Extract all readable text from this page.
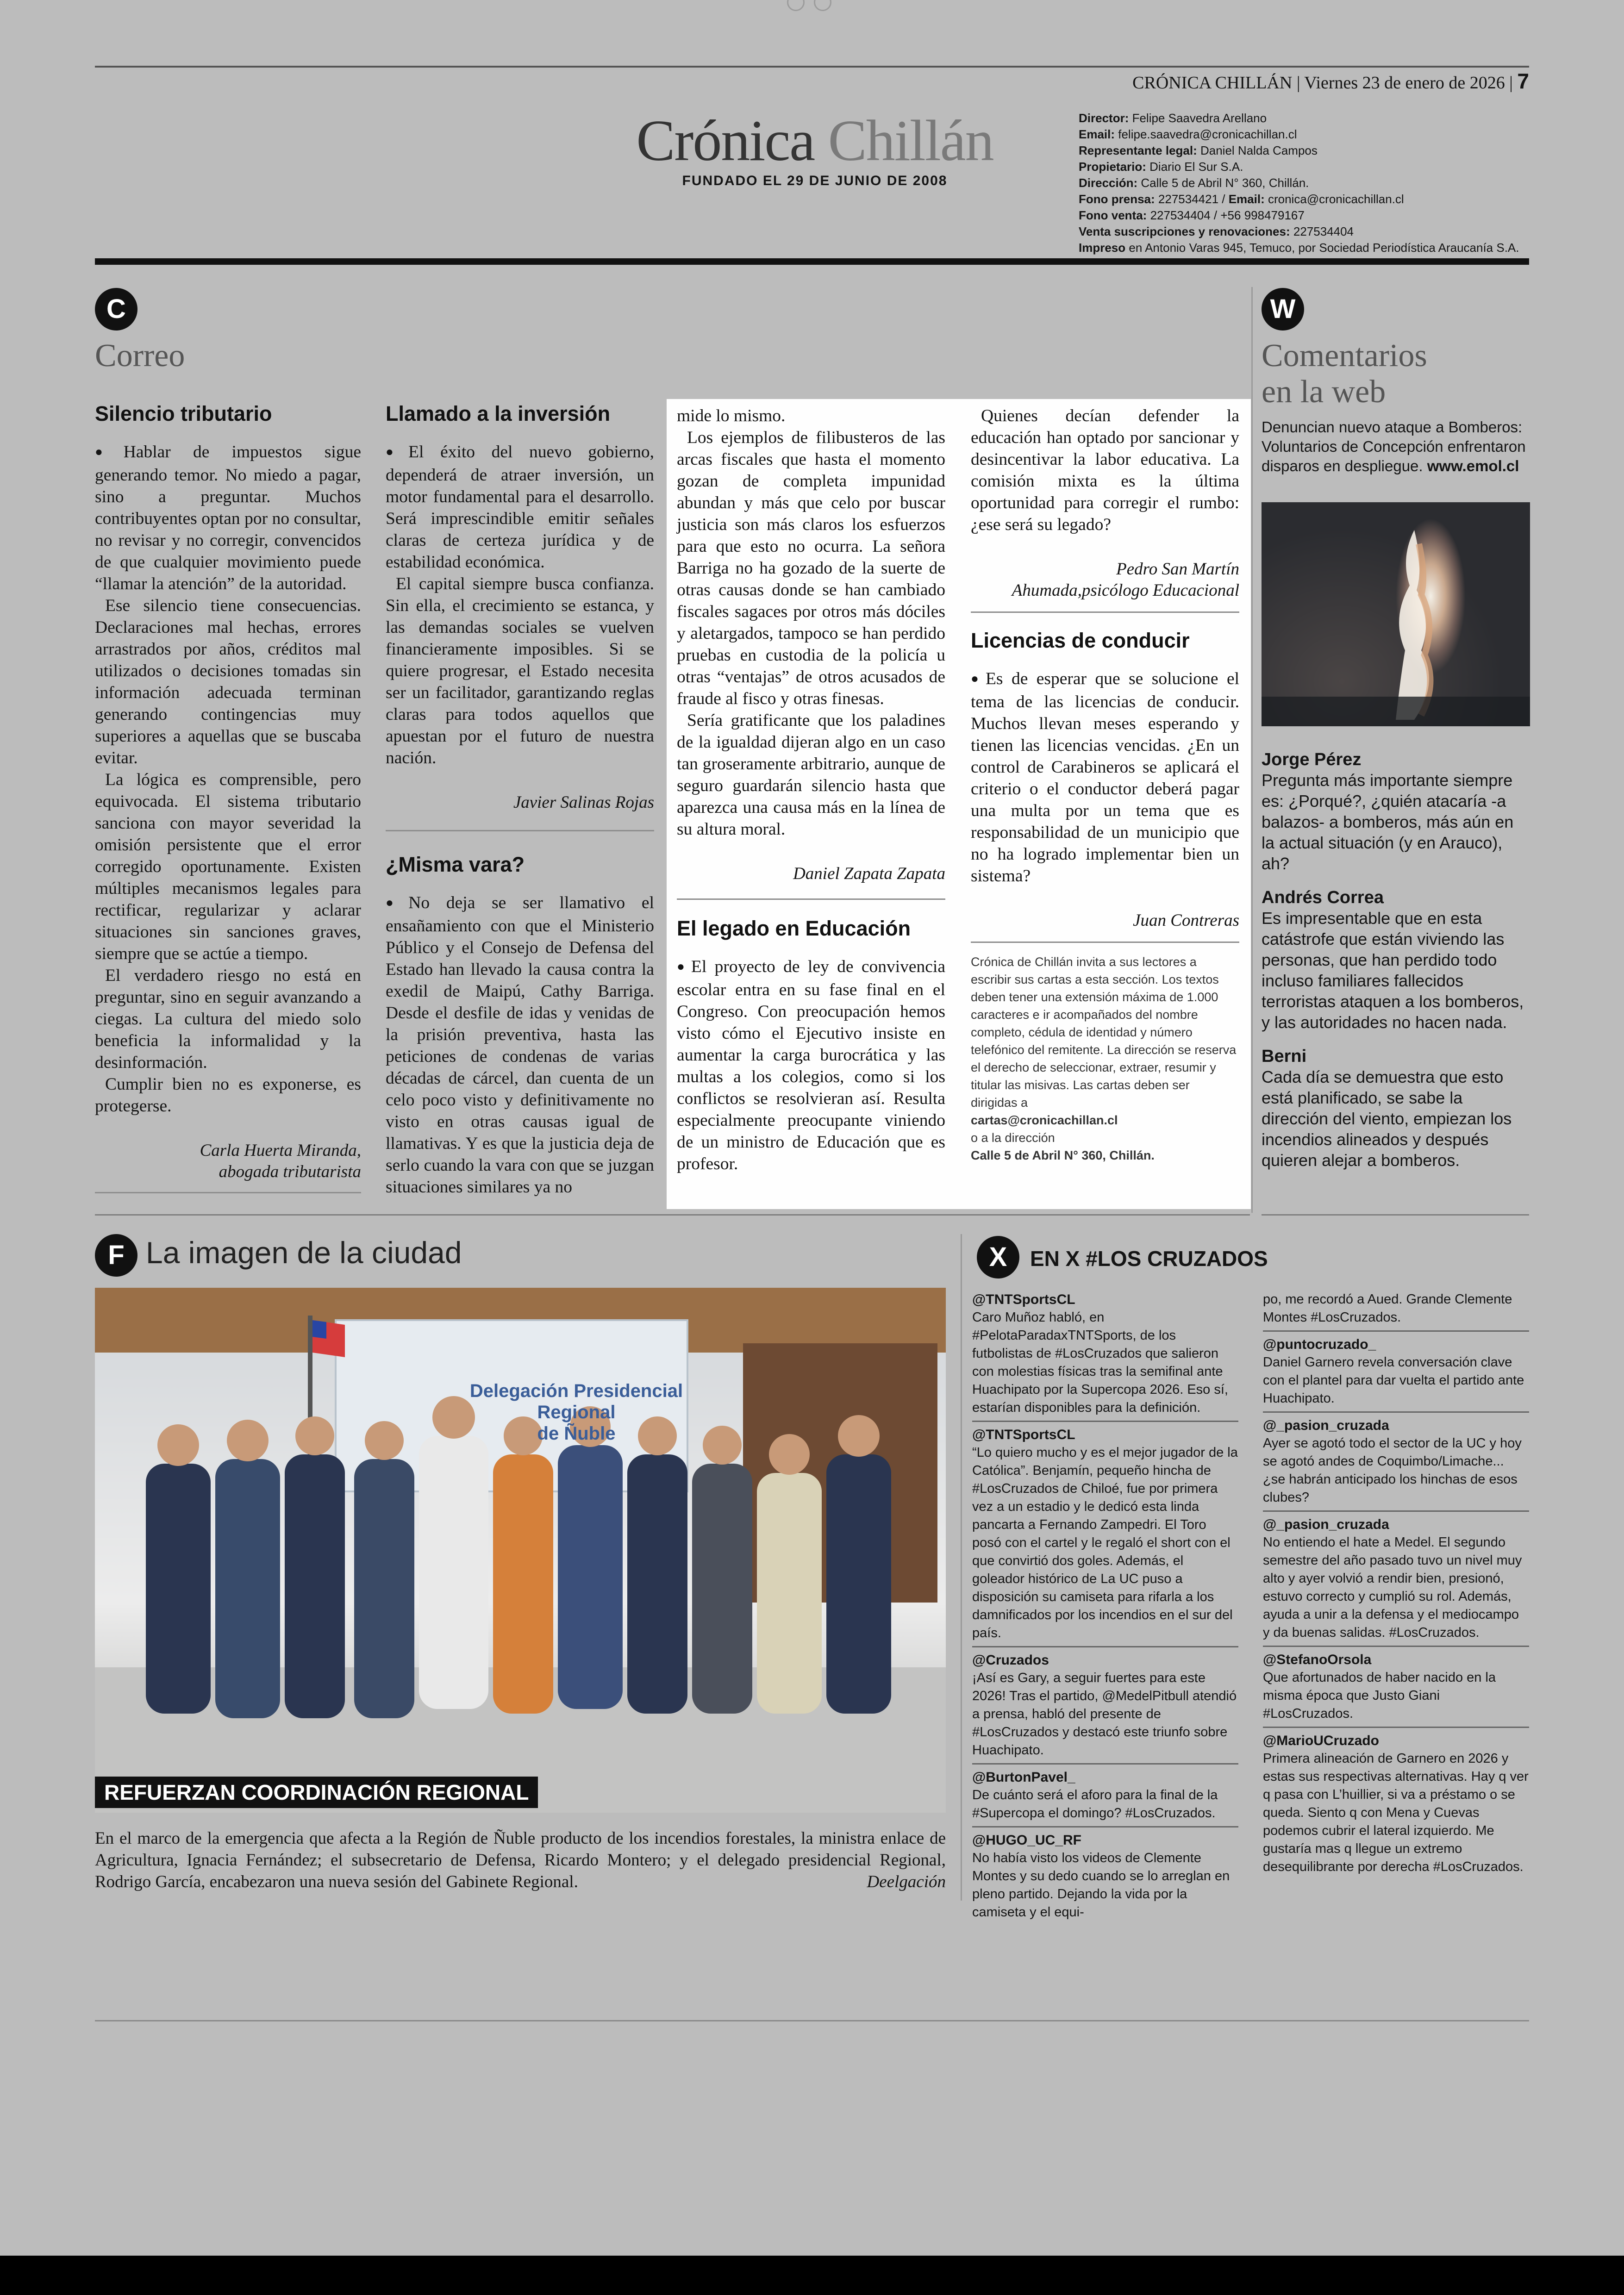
CRÓNICA CHILLÁN | Viernes 23 de enero de 2026 | 7
Crónica Chillán
FUNDADO EL 29 DE JUNIO DE 2008
Director: Felipe Saavedra Arellano
Email: felipe.saavedra@cronicachillan.cl
Representante legal: Daniel Nalda Campos
Propietario: Diario El Sur S.A.
Dirección: Calle 5 de Abril N° 360, Chillán.
Fono prensa: 227534421 / Email: cronica@cronicachillan.cl
Fono venta: 227534404 / +56 998479167
Venta suscripciones y renovaciones: 227534404
Impreso en Antonio Varas 945, Temuco, por Sociedad Periodística Araucanía S.A.
C
Correo
Silencio tributario

● Hablar de impuestos sigue generando temor. No miedo a pagar, sino a preguntar. Muchos contribuyentes optan por no consultar, no revisar y no corregir, convencidos de que cualquier movimiento puede “llamar la atención” de la autoridad.

Ese silencio tiene consecuencias. Declaraciones mal hechas, errores arrastrados por años, créditos mal utilizados o decisiones tomadas sin información adecuada terminan generando contingencias muy superiores a aquellas que se buscaba evitar.

La lógica es comprensible, pero equivocada. El sistema tributario sanciona con mayor severidad la omisión persistente que el error corregido oportunamente. Existen múltiples mecanismos legales para rectificar, regularizar y aclarar situaciones sin sanciones graves, siempre que se actúe a tiempo.

El verdadero riesgo no está en preguntar, sino en seguir avanzando a ciegas. La cultura del miedo solo beneficia la informalidad y la desinformación.

Cumplir bien no es exponerse, es protegerse.

Carla Huerta Miranda,
abogada tributarista
Llamado a la inversión

● El éxito del nuevo gobierno, dependerá de atraer inversión, un motor fundamental para el desarrollo. Será imprescindible emitir señales claras de certeza jurídica y de estabilidad económica.

El capital siempre busca confianza. Sin ella, el crecimiento se estanca, y las demandas sociales se vuelven financieramente imposibles. Si se quiere progresar, el Estado necesita ser un facilitador, garantizando reglas claras para todos aquellos que apuestan por el futuro de nuestra nación.

Javier Salinas Rojas
¿Misma vara?

● No deja se ser llamativo el ensañamiento con que el Ministerio Público y el Consejo de Defensa del Estado han llevado la causa contra la exedil de Maipú, Cathy Barriga. Desde el desfile de idas y venidas de la prisión preventiva, hasta las peticiones de condenas de varias décadas de cárcel, dan cuenta de un celo poco visto y definitivamente no visto en otras causas igual de llamativas. Y es que la justicia deja de serlo cuando la vara con que se juzgan situaciones similares ya no

mide lo mismo.

Los ejemplos de filibusteros de las arcas fiscales que hasta el momento gozan de completa impunidad abundan y más que celo por buscar justicia son más claros los esfuerzos para que esto no ocurra. La señora Barriga no ha gozado de la suerte de otras causas donde se han cambiado fiscales sagaces por otros más dóciles y aletargados, tampoco se han perdido pruebas en custodia de la policía u otras “ventajas” de otros acusados de fraude al fisco y otras finesas.

Sería gratificante que los paladines de la igualdad dijeran algo en un caso tan groseramente arbitrario, aunque de seguro guardarán silencio hasta que aparezca una causa más en la línea de su altura moral.

Daniel Zapata Zapata
El legado en Educación

● El proyecto de ley de convivencia escolar entra en su fase final en el Congreso. Con preocupación hemos visto cómo el Ejecutivo insiste en aumentar la carga burocrática y las multas a los colegios, como si los conflictos se resolvieran así. Resulta especialmente preocupante viniendo de un ministro de Educación que es profesor.

Quienes decían defender la educación han optado por sancionar y desincentivar la labor educativa. La comisión mixta es la última oportunidad para corregir el rumbo: ¿ese será su legado?

Pedro San Martín
Ahumada,psicólogo Educacional
Licencias de conducir

● Es de esperar que se solucione el tema de las licencias de conducir. Muchos llevan meses esperando y tienen las licencias vencidas. ¿En un control de Carabineros se aplicará el criterio o el conductor deberá pagar una multa por un tema que es responsabilidad de un municipio que no ha logrado implementar bien un sistema?

Juan Contreras
Crónica de Chillán invita a sus lectores a escribir sus cartas a esta sección. Los textos deben tener una extensión máxima de 1.000 caracteres e ir acompañados del nombre completo, cédula de identidad y número telefónico del remitente. La dirección se reserva el derecho de seleccionar, extraer, resumir y titular las misivas. Las cartas deben ser dirigidas a
cartas@cronicachillan.cl
o a la dirección
Calle 5 de Abril N° 360, Chillán.
W
Comentarios
en la web
Denuncian nuevo ataque a Bomberos: Voluntarios de Concepción enfrentaron disparos en despliegue. www.emol.cl
Jorge Pérez
Pregunta más importante siempre es: ¿Porqué?, ¿quién atacaría -a balazos- a bomberos, más aún en la actual situación (y en Arauco), ah?
Andrés Correa
Es impresentable que en esta catástrofe que están viviendo las personas, que han perdido todo incluso familiares fallecidos terroristas ataquen a los bomberos, y las autoridades no hacen nada.
Berni
Cada día se demuestra que esto está planificado, se sabe la dirección del viento, empiezan los incendios alineados y después quieren alejar a bomberos.
F La imagen de la ciudad
Delegación Presidencial Regional
de Ñuble
REFUERZAN COORDINACIÓN REGIONAL
En el marco de la emergencia que afecta a la Región de Ñuble producto de los incendios forestales, la ministra enlace de Agricultura, Ignacia Fernández; el subsecretario de Defensa, Ricardo Montero; y el delegado presidencial Regional, Rodrigo García, encabezaron una nueva sesión del Gabinete Regional.	Deelgación
X	EN X #LOS CRUZADOS
@TNTSportsCL
Caro Muñoz habló, en #PelotaParadaxTNTSports, de los futbolistas de #LosCruzados que salieron con molestias físicas tras la semifinal ante Huachipato por la Supercopa 2026. Eso sí, estarían disponibles para la definición.
@TNTSportsCL
“Lo quiero mucho y es el mejor jugador de la Católica”. Benjamín, pequeño hincha de #LosCruzados de Chiloé, fue por primera vez a un estadio y le dedicó esta linda pancarta a Fernando Zampedri. El Toro posó con el cartel y le regaló el short con el que convirtió dos goles. Además, el goleador histórico de La UC puso a disposición su camiseta para rifarla a los damnificados por los incendios en el sur del país.
@Cruzados
¡Así es Gary, a seguir fuertes para este 2026! Tras el partido, @MedelPitbull atendió a prensa, habló del presente de #LosCruzados y destacó este triunfo sobre Huachipato.
@BurtonPavel_
De cuánto será el aforo para la final de la #Supercopa el domingo? #LosCruzados.
@HUGO_UC_RF
No había visto los videos de Clemente Montes y su dedo cuando se lo arreglan en pleno partido. Dejando la vida por la camiseta y el equi-
po, me recordó a Aued. Grande Clemente Montes #LosCruzados.
@puntocruzado_
Daniel Garnero revela conversación clave con el plantel para dar vuelta el partido ante Huachipato.
@_pasion_cruzada
Ayer se agotó todo el sector de la UC y hoy se agotó andes de Coquimbo/Limache... ¿se habrán anticipado los hinchas de esos clubes?
@_pasion_cruzada
No entiendo el hate a Medel. El segundo semestre del año pasado tuvo un nivel muy alto y ayer volvió a rendir bien, presionó, estuvo correcto y cumplió su rol. Además, ayuda a unir a la defensa y el mediocampo y da buenas salidas. #LosCruzados.
@StefanoOrsola
Que afortunados de haber nacido en la misma época que Justo Giani #LosCruzados.
@MarioUCruzado
Primera alineación de Garnero en 2026 y estas sus respectivas alternativas. Hay q ver q pasa con L’huillier, si va a préstamo o se queda. Siento q con Mena y Cuevas podemos cubrir el lateral izquierdo. Me gustaría mas q llegue un extremo desequilibrante por derecha #LosCruzados.
